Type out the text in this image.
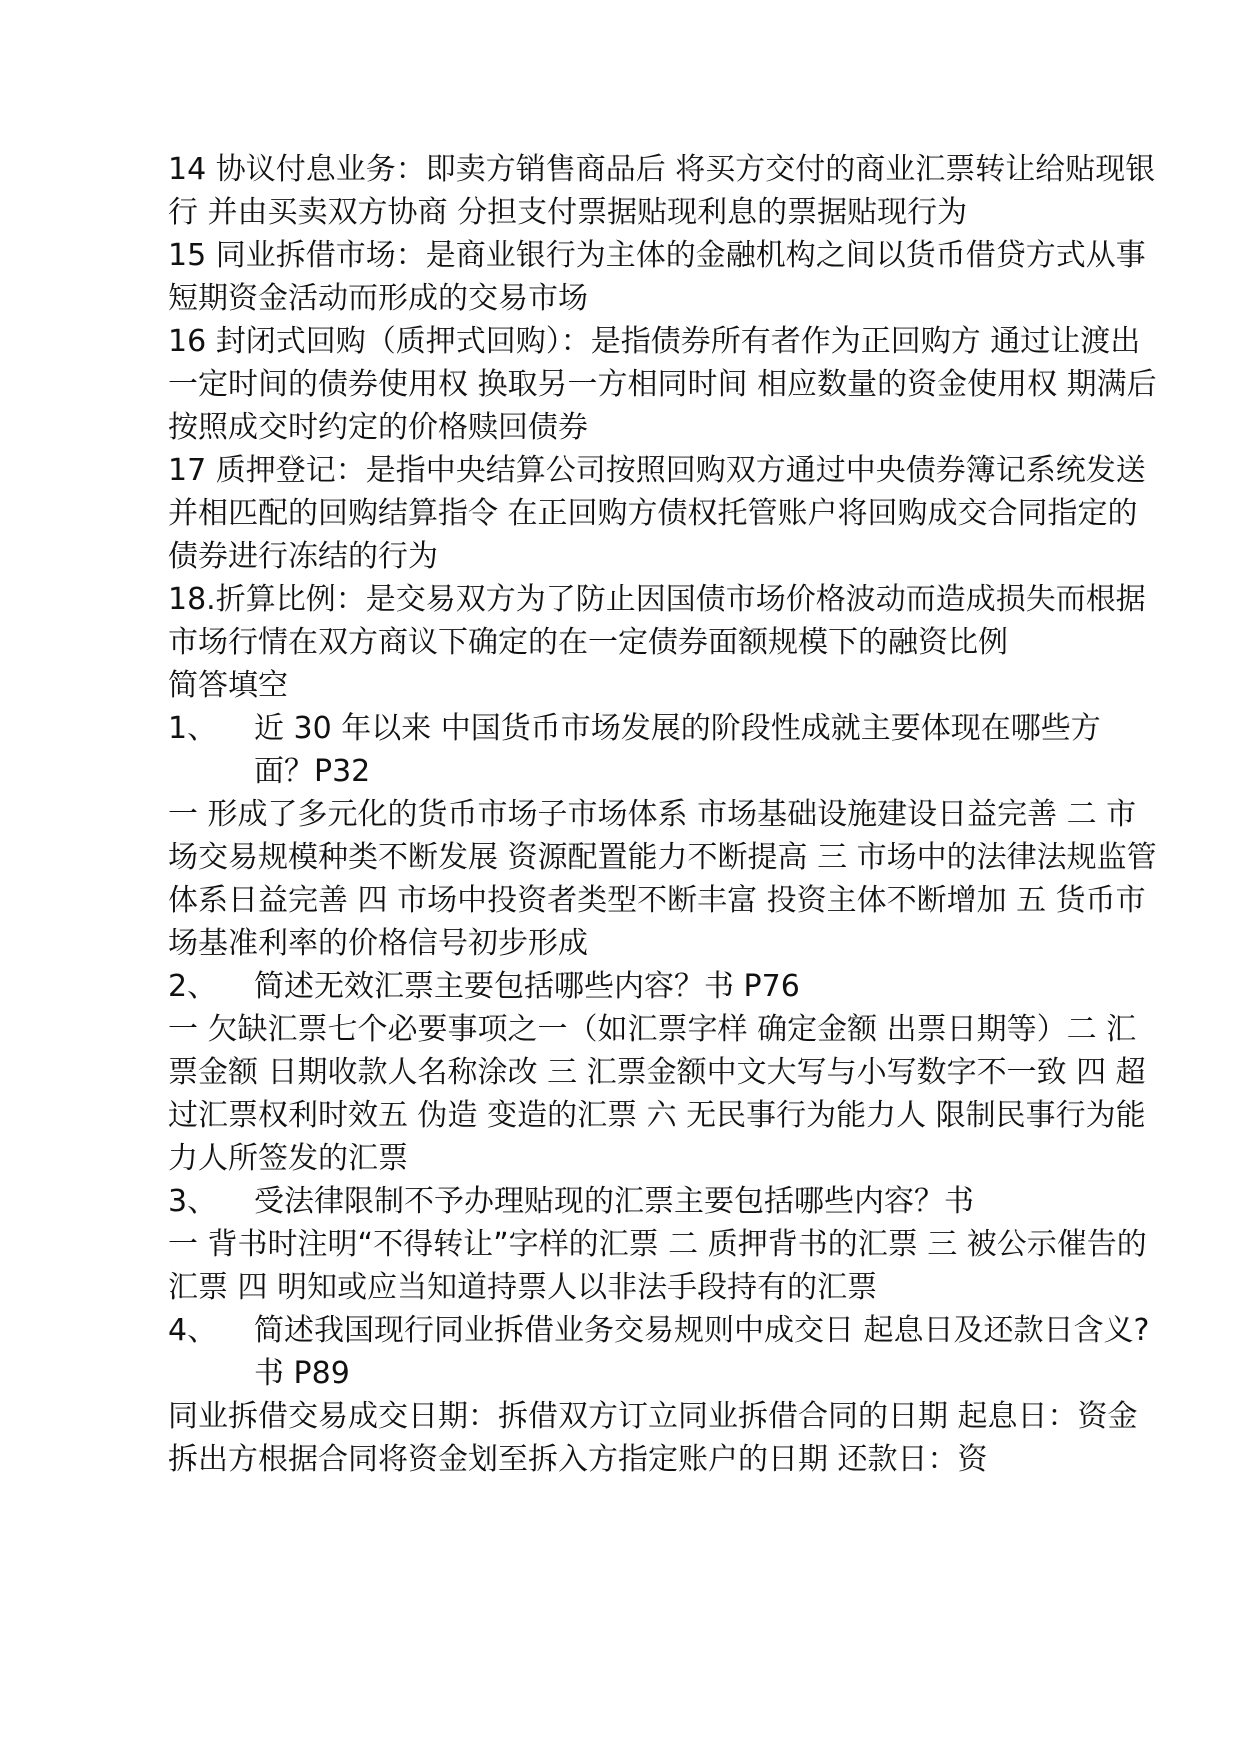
14 协议付息业务：即卖方销售商品后 将买方交付的商业汇票转让给贴现银行 并由买卖双方协商 分担支付票据贴现利息的票据贴现行为

15 同业拆借市场：是商业银行为主体的金融机构之间以货币借贷方式从事短期资金活动而形成的交易市场

16 封闭式回购（质押式回购）：是指债券所有者作为正回购方 通过让渡出一定时间的债券使用权 换取另一方相同时间 相应数量的资金使用权 期满后 按照成交时约定的价格赎回债券

17 质押登记：是指中央结算公司按照回购双方通过中央债券簿记系统发送并相匹配的回购结算指令 在正回购方债权托管账户将回购成交合同指定的债券进行冻结的行为

18.折算比例：是交易双方为了防止因国债市场价格波动而造成损失而根据市场行情在双方商议下确定的在一定债券面额规模下的融资比例

简答填空

1、	近 30 年以来 中国货币市场发展的阶段性成就主要体现在哪些方面？P32

一 形成了多元化的货币市场子市场体系 市场基础设施建设日益完善 二 市场交易规模种类不断发展 资源配置能力不断提高 三 市场中的法律法规监管体系日益完善 四 市场中投资者类型不断丰富 投资主体不断增加 五 货币市场基准利率的价格信号初步形成

2、	简述无效汇票主要包括哪些内容？书 P76

一 欠缺汇票七个必要事项之一（如汇票字样 确定金额 出票日期等）二 汇票金额 日期收款人名称涂改 三 汇票金额中文大写与小写数字不一致 四 超过汇票权利时效五 伪造 变造的汇票 六 无民事行为能力人 限制民事行为能力人所签发的汇票

3、	受法律限制不予办理贴现的汇票主要包括哪些内容？书

一 背书时注明“不得转让”字样的汇票 二 质押背书的汇票 三 被公示催告的汇票 四 明知或应当知道持票人以非法手段持有的汇票

4、	简述我国现行同业拆借业务交易规则中成交日 起息日及还款日含义?书 P89

同业拆借交易成交日期：拆借双方订立同业拆借合同的日期 起息日：资金拆出方根据合同将资金划至拆入方指定账户的日期 还款日：资
